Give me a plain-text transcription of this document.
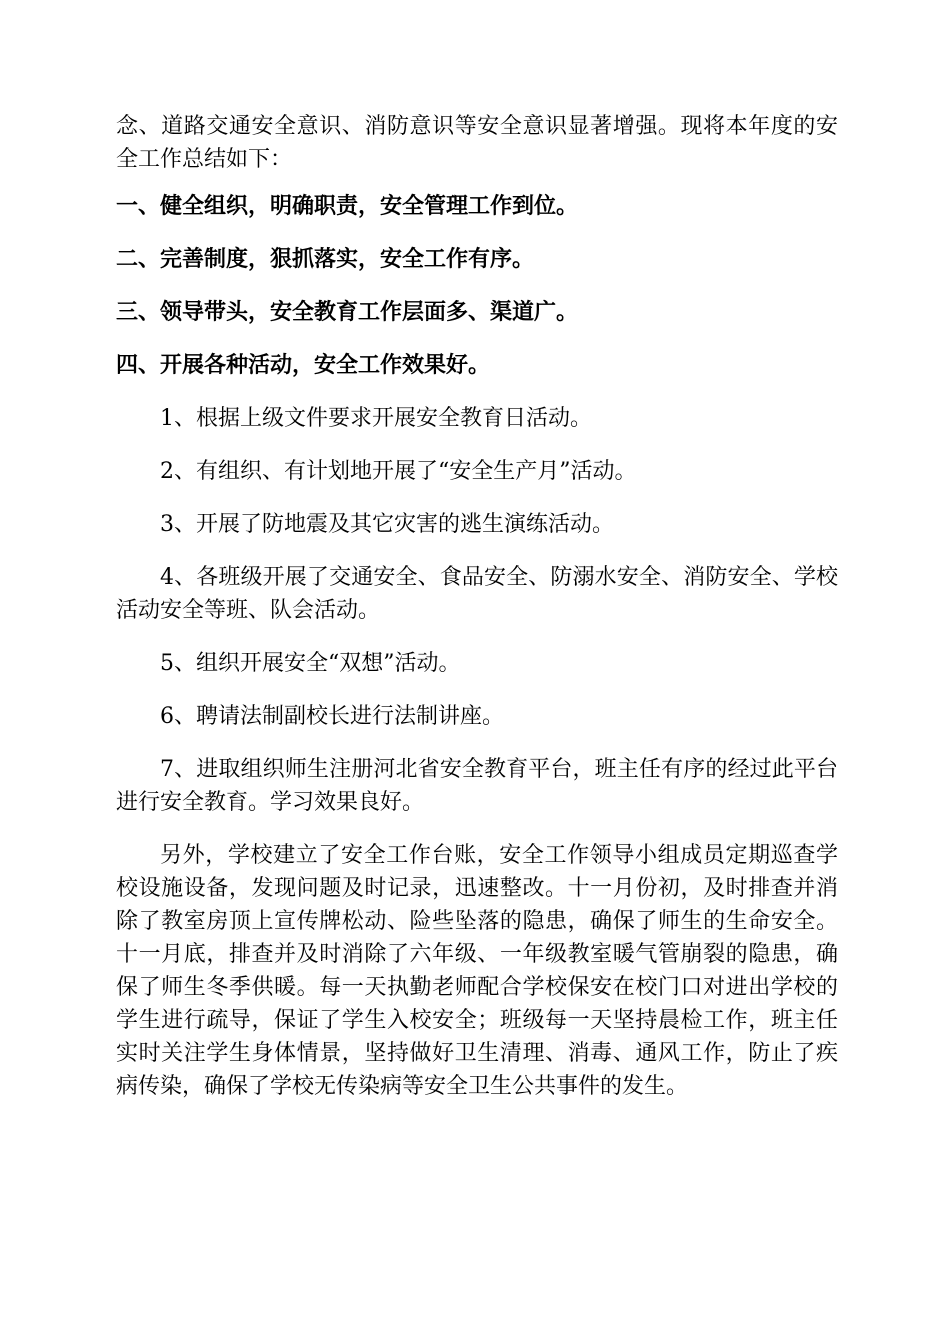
念、道路交通安全意识、消防意识等安全意识显著增强。现将本年度的安全工作总结如下：

一、健全组织，明确职责，安全管理工作到位。

二、完善制度，狠抓落实，安全工作有序。

三、领导带头，安全教育工作层面多、渠道广。

四、开展各种活动，安全工作效果好。

1、根据上级文件要求开展安全教育日活动。

2、有组织、有计划地开展了“安全生产月”活动。

3、开展了防地震及其它灾害的逃生演练活动。

4、各班级开展了交通安全、食品安全、防溺水安全、消防安全、学校活动安全等班、队会活动。

5、组织开展安全“双想”活动。

6、聘请法制副校长进行法制讲座。

7、进取组织师生注册河北省安全教育平台，班主任有序的经过此平台进行安全教育。学习效果良好。

另外，学校建立了安全工作台账，安全工作领导小组成员定期巡查学校设施设备，发现问题及时记录，迅速整改。十一月份初，及时排查并消除了教室房顶上宣传牌松动、险些坠落的隐患，确保了师生的生命安全。十一月底，排查并及时消除了六年级、一年级教室暖气管崩裂的隐患，确保了师生冬季供暖。每一天执勤老师配合学校保安在校门口对进出学校的学生进行疏导，保证了学生入校安全；班级每一天坚持晨检工作，班主任实时关注学生身体情景，坚持做好卫生清理、消毒、通风工作，防止了疾病传染，确保了学校无传染病等安全卫生公共事件的发生。
